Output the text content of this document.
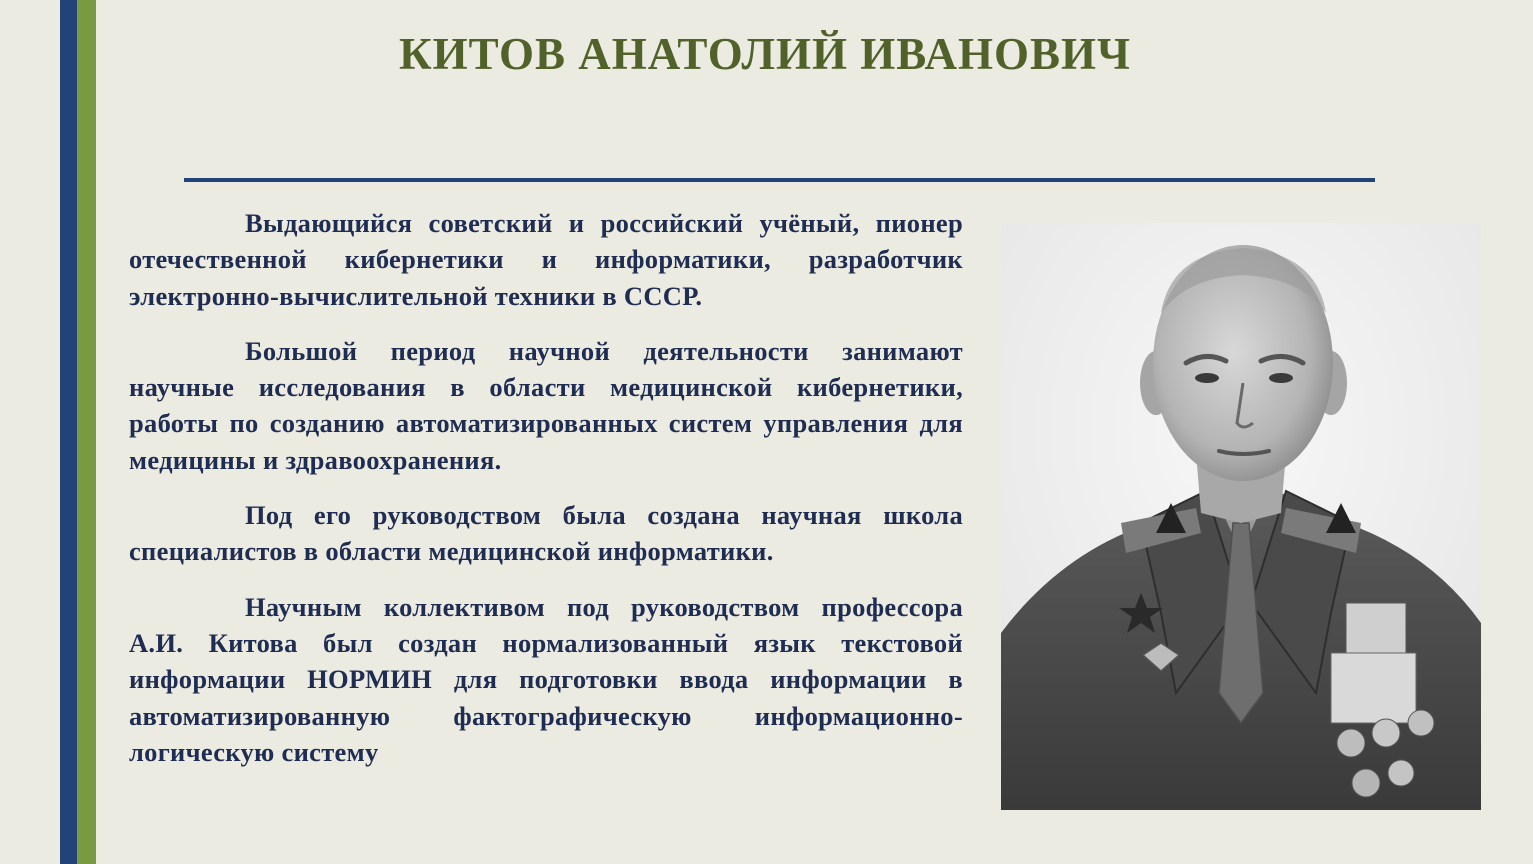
КИТОВ АНАТОЛИЙ ИВАНОВИЧ

Выдающийся советский и российский учёный, пионер отечественной кибернетики и информатики, разработчик электронно-вычислительной техники в СССР.

Большой период научной деятельности занимают научные исследования в области медицинской кибернетики, работы по созданию автоматизированных систем управления для медицины и здравоохранения.

Под его руководством была создана научная школа специалистов в области медицинской информатики.

Научным коллективом под руководством профессора А.И. Китова был создан нормализованный язык текстовой информации НОРМИН для подготовки ввода информации в автоматизированную фактографическую информационно-логическую систему
